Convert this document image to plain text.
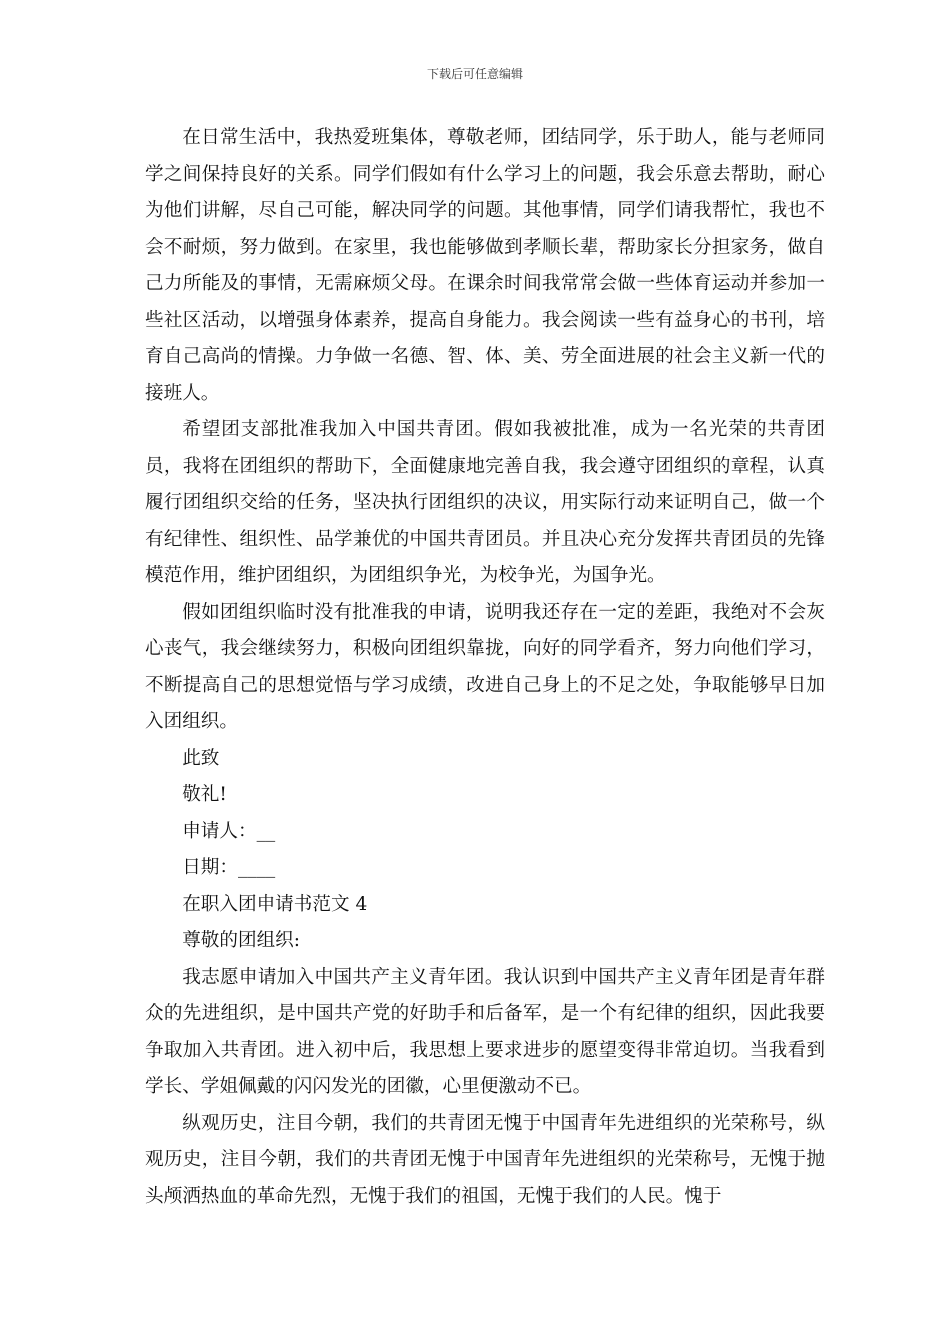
下载后可任意编辑

在日常生活中，我热爱班集体，尊敬老师，团结同学，乐于助人，能与老师同学之间保持良好的关系。同学们假如有什么学习上的问题，我会乐意去帮助，耐心为他们讲解，尽自己可能，解决同学的问题。其他事情，同学们请我帮忙，我也不会不耐烦，努力做到。在家里，我也能够做到孝顺长辈，帮助家长分担家务，做自己力所能及的事情，无需麻烦父母。在课余时间我常常会做一些体育运动并参加一些社区活动，以增强身体素养，提高自身能力。我会阅读一些有益身心的书刊，培育自己高尚的情操。力争做一名德、智、体、美、劳全面进展的社会主义新一代的接班人。

希望团支部批准我加入中国共青团。假如我被批准，成为一名光荣的共青团员，我将在团组织的帮助下，全面健康地完善自我，我会遵守团组织的章程，认真履行团组织交给的任务，坚决执行团组织的决议，用实际行动来证明自己，做一个有纪律性、组织性、品学兼优的中国共青团员。并且决心充分发挥共青团员的先锋模范作用，维护团组织，为团组织争光，为校争光，为国争光。

假如团组织临时没有批准我的申请，说明我还存在一定的差距，我绝对不会灰心丧气，我会继续努力，积极向团组织靠拢，向好的同学看齐，努力向他们学习，不断提高自己的思想觉悟与学习成绩，改进自己身上的不足之处，争取能够早日加入团组织。

此致

敬礼!

申请人：__

日期：____

在职入团申请书范文 4

尊敬的团组织:

我志愿申请加入中国共产主义青年团。我认识到中国共产主义青年团是青年群众的先进组织，是中国共产党的好助手和后备军，是一个有纪律的组织，因此我要争取加入共青团。进入初中后，我思想上要求进步的愿望变得非常迫切。当我看到学长、学姐佩戴的闪闪发光的团徽，心里便激动不已。

纵观历史，注目今朝，我们的共青团无愧于中国青年先进组织的光荣称号，纵观历史，注目今朝，我们的共青团无愧于中国青年先进组织的光荣称号，无愧于抛头颅洒热血的革命先烈，无愧于我们的祖国，无愧于我们的人民。愧于
